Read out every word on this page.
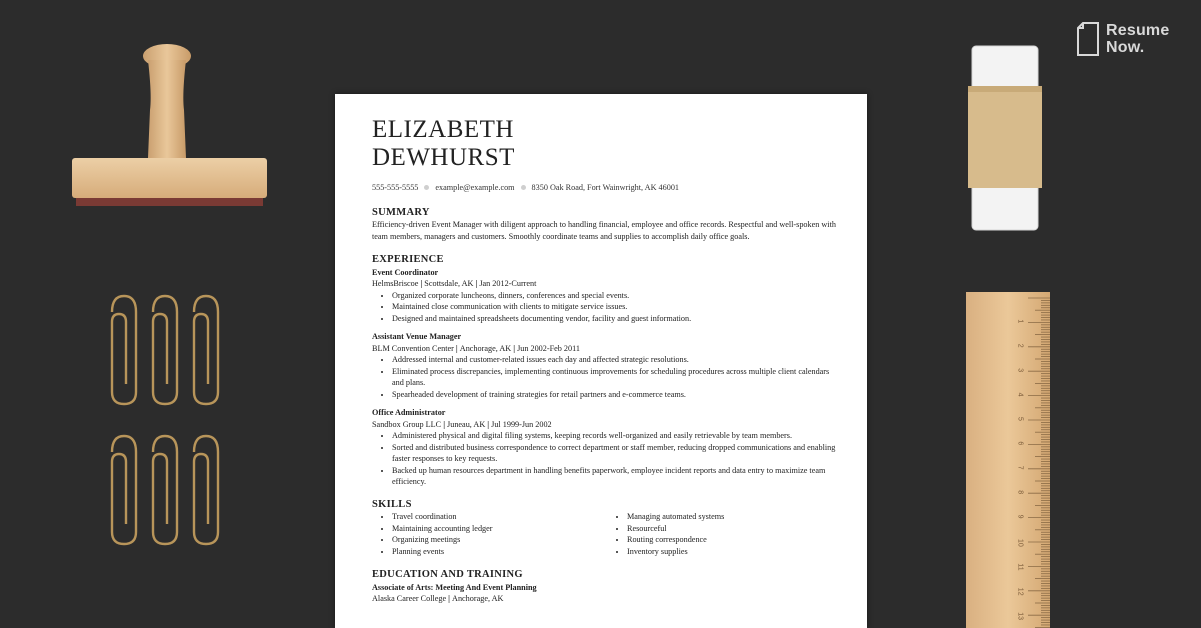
Resume
Now.
1
2
3
4
5
6
7
8
9
10
11
12
13
ELIZABETH
DEWHURST
555-555-5555 example@example.com 8350 Oak Road, Fort Wainwright, AK 46001
SUMMARY
Efficiency-driven Event Manager with diligent approach to handling financial, employee and office records. Respectful and well-spoken with team members, managers and customers. Smoothly coordinate teams and supplies to accomplish daily office goals.
EXPERIENCE
Event Coordinator
HelmsBriscoe | Scottsdale, AK | Jan 2012-Current
• Organized corporate luncheons, dinners, conferences and special events.
• Maintained close communication with clients to mitigate service issues.
• Designed and maintained spreadsheets documenting vendor, facility and guest information.
Assistant Venue Manager
BLM Convention Center | Anchorage, AK | Jun 2002-Feb 2011
• Addressed internal and customer-related issues each day and affected strategic resolutions.
• Eliminated process discrepancies, implementing continuous improvements for scheduling procedures across multiple client calendars and plans.
• Spearheaded development of training strategies for retail partners and e-commerce teams.
Office Administrator
Sandbox Group LLC | Juneau, AK | Jul 1999-Jun 2002
• Administered physical and digital filing systems, keeping records well-organized and easily retrievable by team members.
• Sorted and distributed business correspondence to correct department or staff member, reducing dropped communications and enabling faster responses to key requests.
• Backed up human resources department in handling benefits paperwork, employee incident reports and data entry to maximize team efficiency.
SKILLS
• Travel coordination
• Maintaining accounting ledger
• Organizing meetings
• Planning events
• Managing automated systems
• Resourceful
• Routing correspondence
• Inventory supplies
EDUCATION AND TRAINING
Associate of Arts: Meeting And Event Planning
Alaska Career College | Anchorage, AK
